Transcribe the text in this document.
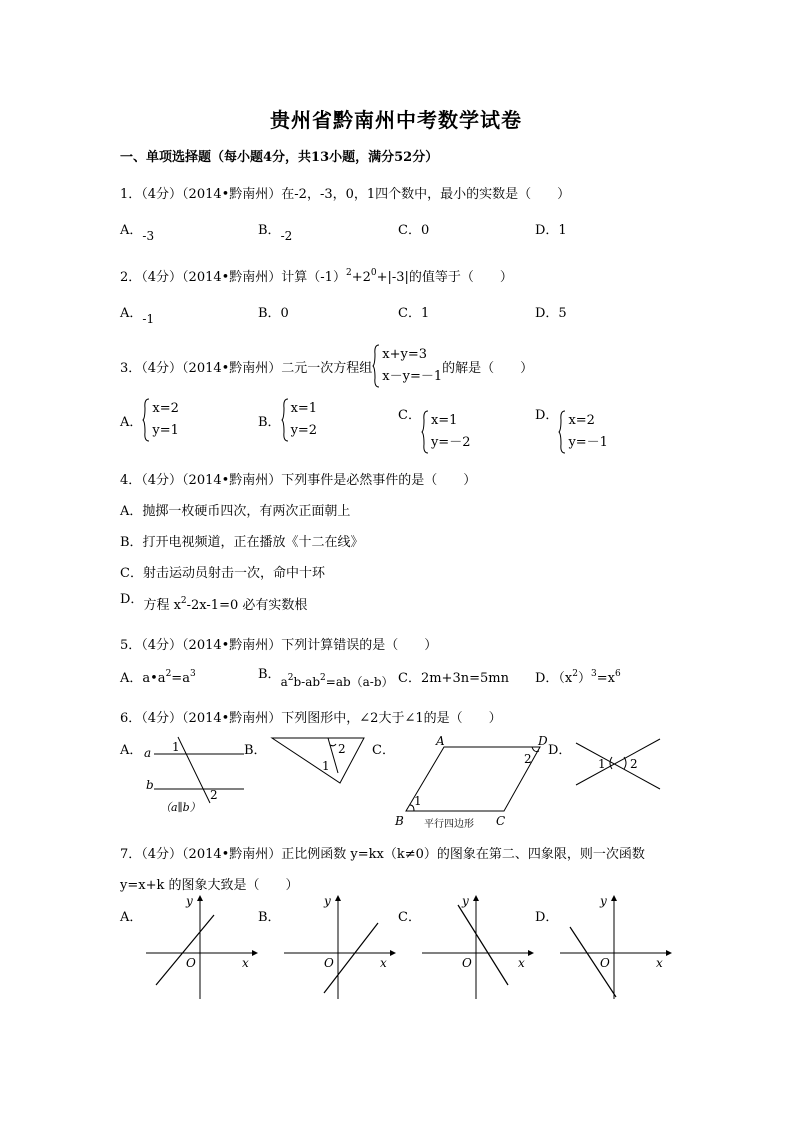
贵州省黔南州中考数学试卷
一、单项选择题（每小题4分，共13小题，满分52分）
1．（4分）（2014•黔南州）在-2，-3，0，1四个数中，最小的实数是（　　）
A．-3	B．-2	C．0	D．1
2．（4分）（2014•黔南州）计算$(-1)^2+2^0+|-3|$的值等于（　　）
A．-1	B．0	C．1	D．5
3．（4分）（2014•黔南州）二元一次方程组
x+y=3
x－y=－1
的解是（　　）
A．
x=2
y=1
B．
x=1
y=2
C． x=1
y=－2
D． x=2
y=－1
4．（4分）（2014•黔南州）下列事件是必然事件的是（　　）
A．抛掷一枚硬币四次，有两次正面朝上
B．打开电视频道，正在播放《十二在线》
C．射击运动员射击一次，命中十环
D．方程 $x^2-2x-1=0$ 必有实数根
5．（4分）（2014•黔南州）下列计算错误的是（　　）
A．$a•a^2=a^3$	B．$a^2b-ab^2=ab(a-b)$ C．2m+3n=5mn D．$(x^2)^3=x^6$
6．（4分）（2014•黔南州）下列图形中，∠2大于∠1的是（　　）
A．	B．	C．	D．
a
b
1
2
（a∥b）
2
1
A	D
B	C
1
2
平行四边形
1 2
7．（4分）（2014•黔南州）正比例函数 y=kx（k≠0）的图象在第二、四象限，则一次函数
y=x+k 的图象大致是（　　）
A．	B．	C．	D．
y
x
O
y
x
O
y
x
O
y
x
O
